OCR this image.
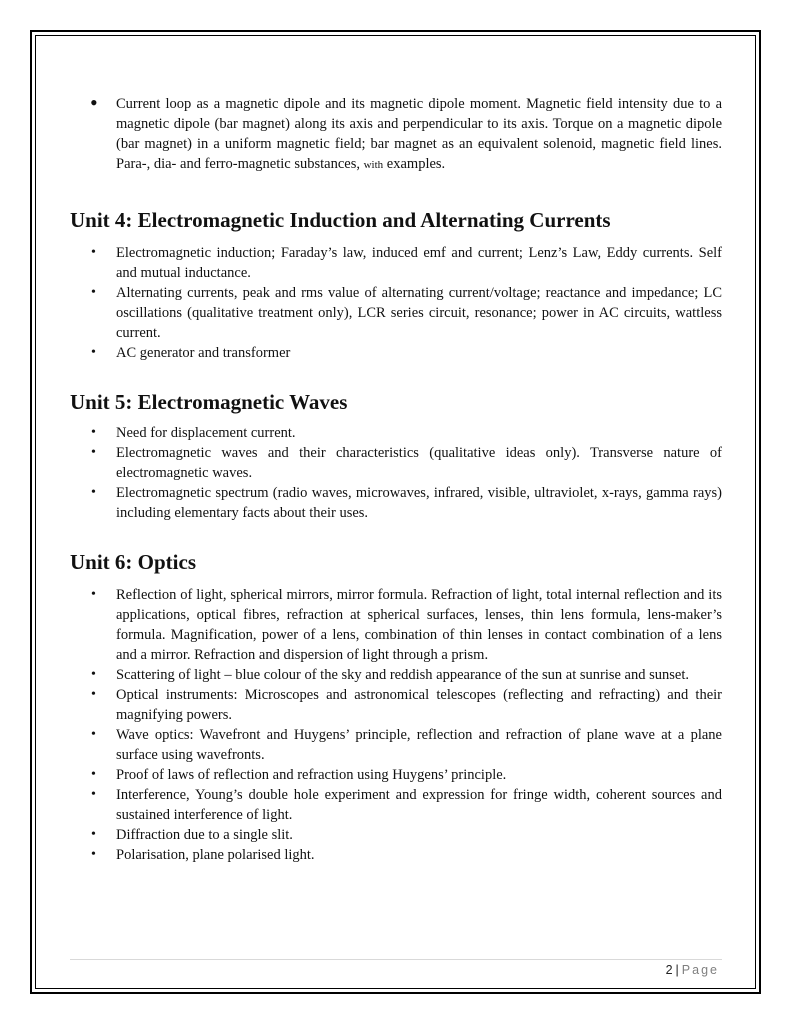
• Current loop as a magnetic dipole and its magnetic dipole moment. Magnetic field intensity due to a magnetic dipole (bar magnet) along its axis and perpendicular to its axis. Torque on a magnetic dipole (bar magnet) in a uniform magnetic field; bar magnet as an equivalent solenoid, magnetic field lines. Para-, dia- and ferro-magnetic substances, with examples.
Unit 4: Electromagnetic Induction and Alternating Currents
• Electromagnetic induction; Faraday’s law, induced emf and current; Lenz’s Law, Eddy currents. Self and mutual inductance.
• Alternating currents, peak and rms value of alternating current/voltage; reactance and impedance; LC oscillations (qualitative treatment only), LCR series circuit, resonance; power in AC circuits, wattless current.
• AC generator and transformer
Unit 5: Electromagnetic Waves
• Need for displacement current.
• Electromagnetic waves and their characteristics (qualitative ideas only). Transverse nature of electromagnetic waves.
• Electromagnetic spectrum (radio waves, microwaves, infrared, visible, ultraviolet, x-rays, gamma rays) including elementary facts about their uses.
Unit 6: Optics
• Reflection of light, spherical mirrors, mirror formula. Refraction of light, total internal reflection and its applications, optical fibres, refraction at spherical surfaces, lenses, thin lens formula, lens-maker’s formula. Magnification, power of a lens, combination of thin lenses in contact combination of a lens and a mirror. Refraction and dispersion of light through a prism.
• Scattering of light – blue colour of the sky and reddish appearance of the sun at sunrise and sunset.
• Optical instruments: Microscopes and astronomical telescopes (reflecting and refracting) and their magnifying powers.
• Wave optics: Wavefront and Huygens’ principle, reflection and refraction of plane wave at a plane surface using wavefronts.
• Proof of laws of reflection and refraction using Huygens’ principle.
• Interference, Young’s double hole experiment and expression for fringe width, coherent sources and sustained interference of light.
• Diffraction due to a single slit.
• Polarisation, plane polarised light.
2 | Page
